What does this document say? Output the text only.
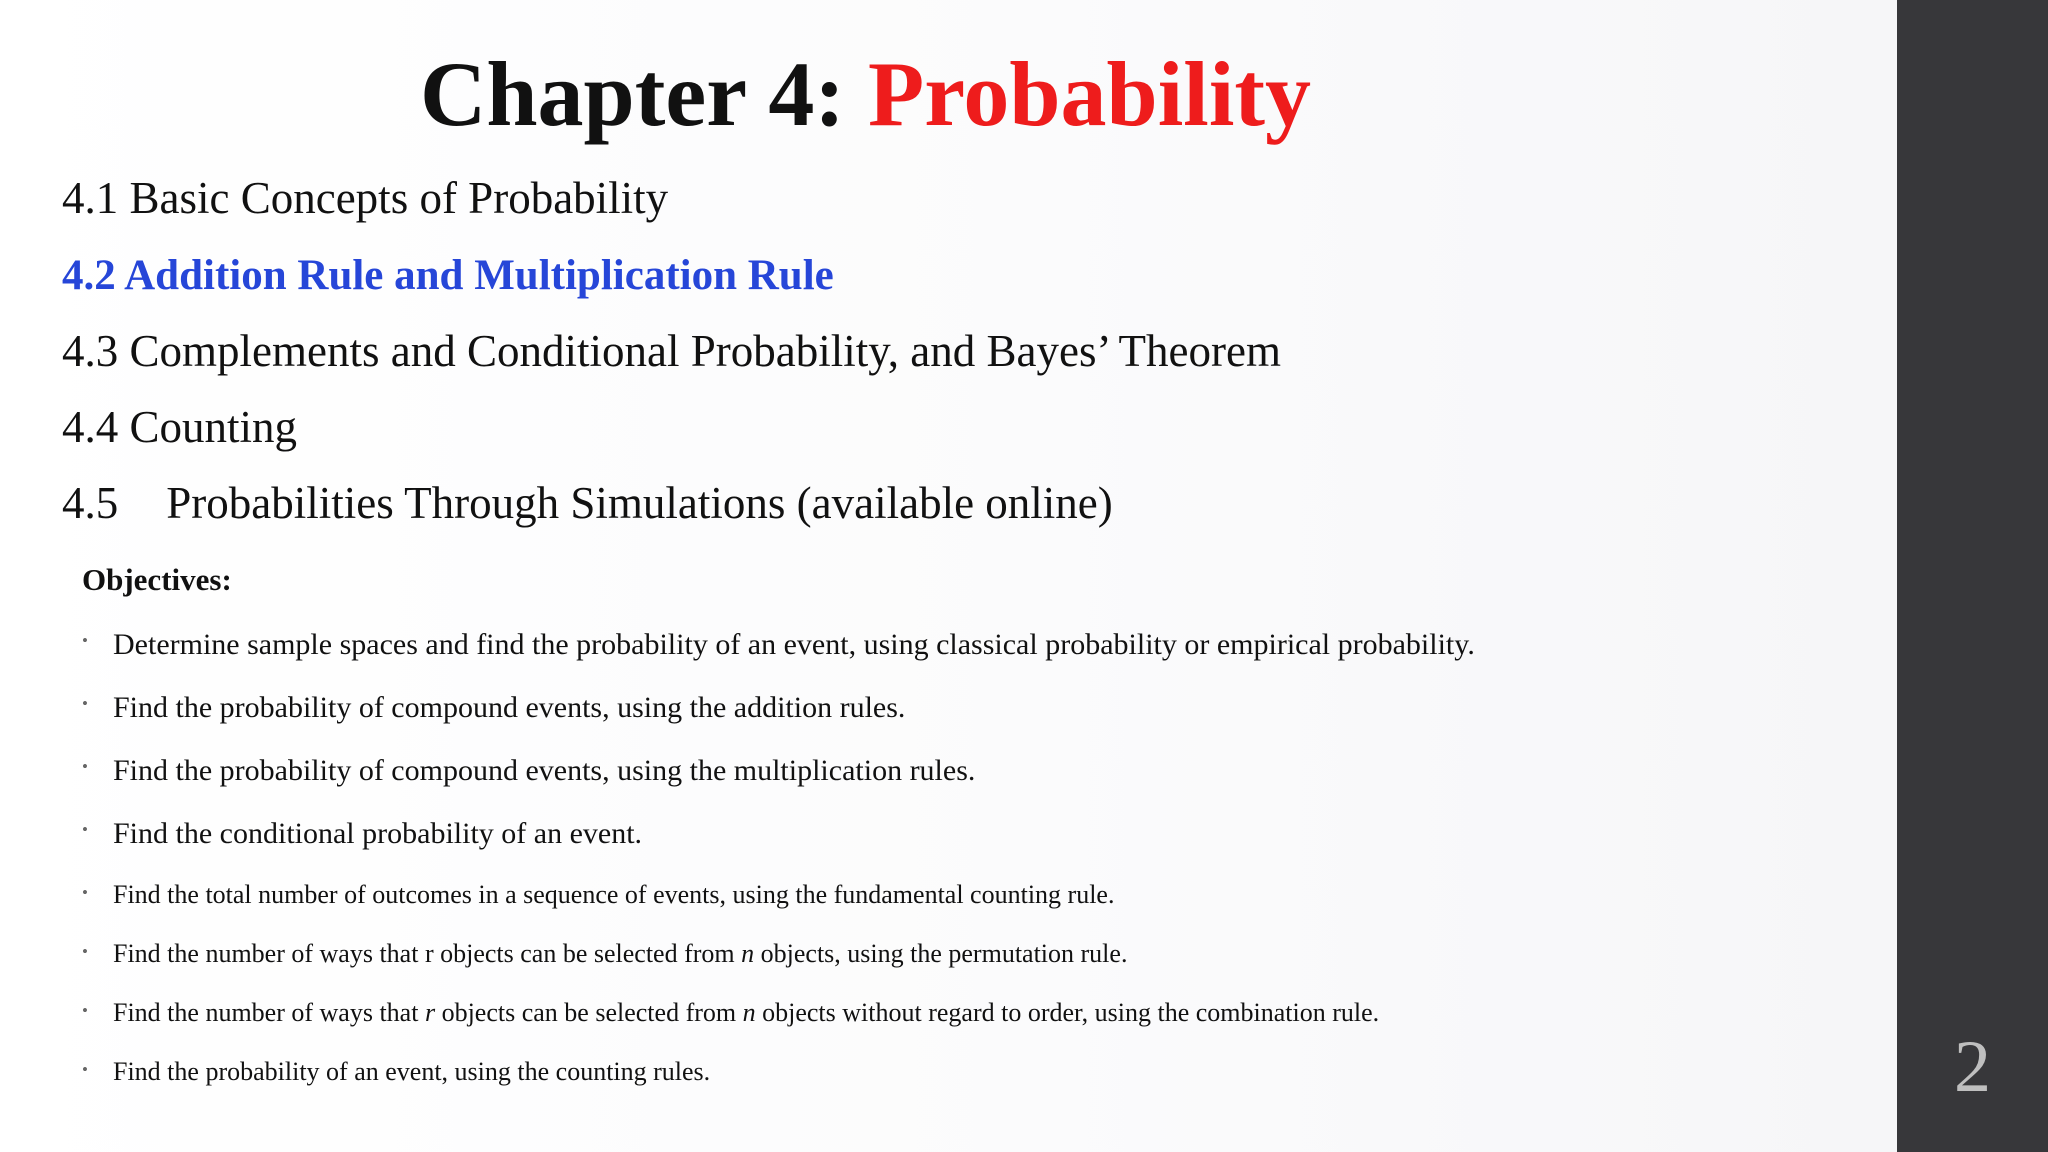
Chapter 4: Probability
4.1 Basic Concepts of Probability
4.2 Addition Rule and Multiplication Rule
4.3 Complements and Conditional Probability, and Bayes’ Theorem
4.4 Counting
4.5 Probabilities Through Simulations (available online)
Objectives:
• Determine sample spaces and find the probability of an event, using classical probability or empirical probability.
• Find the probability of compound events, using the addition rules.
• Find the probability of compound events, using the multiplication rules.
• Find the conditional probability of an event.
• Find the total number of outcomes in a sequence of events, using the fundamental counting rule.
• Find the number of ways that r objects can be selected from n objects, using the permutation rule.
• Find the number of ways that r objects can be selected from n objects without regard to order, using the combination rule.
• Find the probability of an event, using the counting rules.	2
